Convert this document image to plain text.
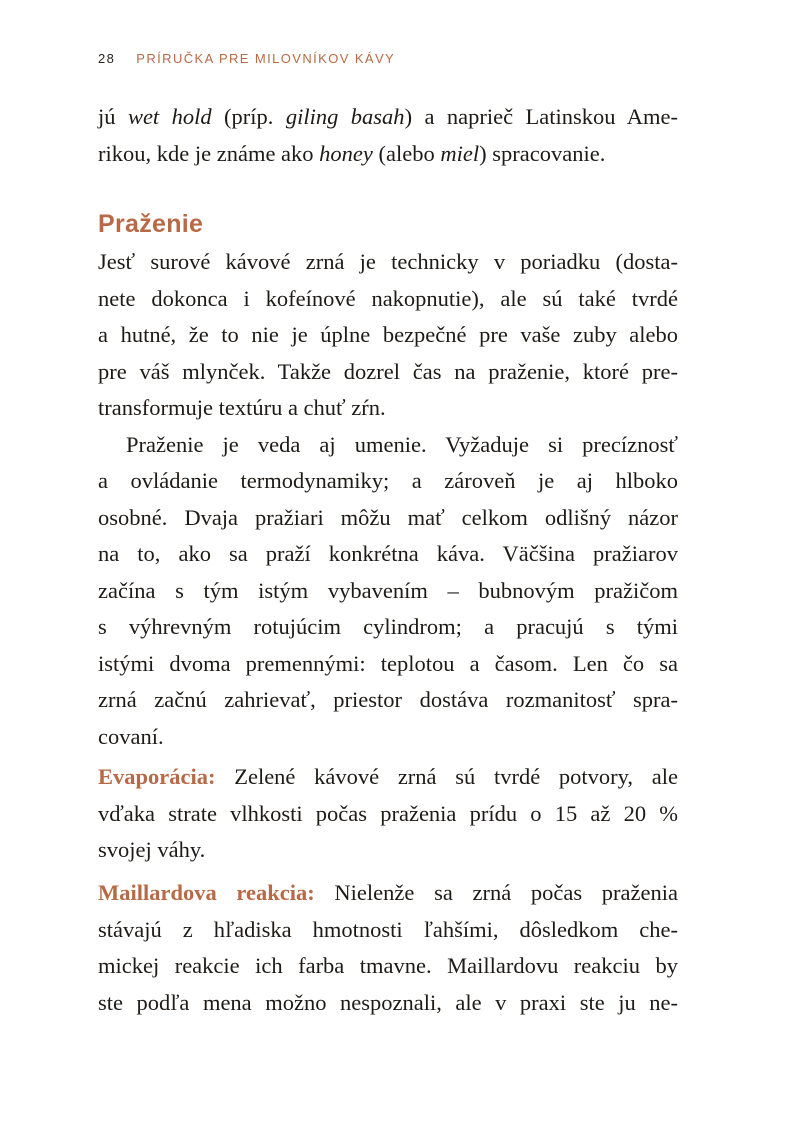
28 PRÍRUČKA PRE MILOVNÍKOV KÁVY
jú wet hold (príp. giling basah) a naprieč Latinskou Ame-
rikou, kde je známe ako honey (alebo miel) spracovanie.
Praženie
Jesť surové kávové zrná je technicky v poriadku (dosta-
nete dokonca i kofeínové nakopnutie), ale sú také tvrdé
a hutné, že to nie je úplne bezpečné pre vaše zuby alebo
pre váš mlynček. Takže dozrel čas na praženie, ktoré pre-
transformuje textúru a chuť zŕn.
Praženie je veda aj umenie. Vyžaduje si precíznosť
a ovládanie termodynamiky; a zároveň je aj hlboko
osobné. Dvaja pražiari môžu mať celkom odlišný názor
na to, ako sa praží konkrétna káva. Väčšina pražiarov
začína s tým istým vybavením – bubnovým pražičom
s výhrevným rotujúcim cylindrom; a pracujú s tými
istými dvoma premennými: teplotou a časom. Len čo sa
zrná začnú zahrievať, priestor dostáva rozmanitosť spra-
covaní.
Evaporácia: Zelené kávové zrná sú tvrdé potvory, ale
vďaka strate vlhkosti počas praženia prídu o 15 až 20 %
svojej váhy.
Maillardova reakcia: Nielenže sa zrná počas praženia
stávajú z hľadiska hmotnosti ľahšími, dôsledkom che-
mickej reakcie ich farba tmavne. Maillardovu reakciu by
ste podľa mena možno nespoznali, ale v praxi ste ju ne-
